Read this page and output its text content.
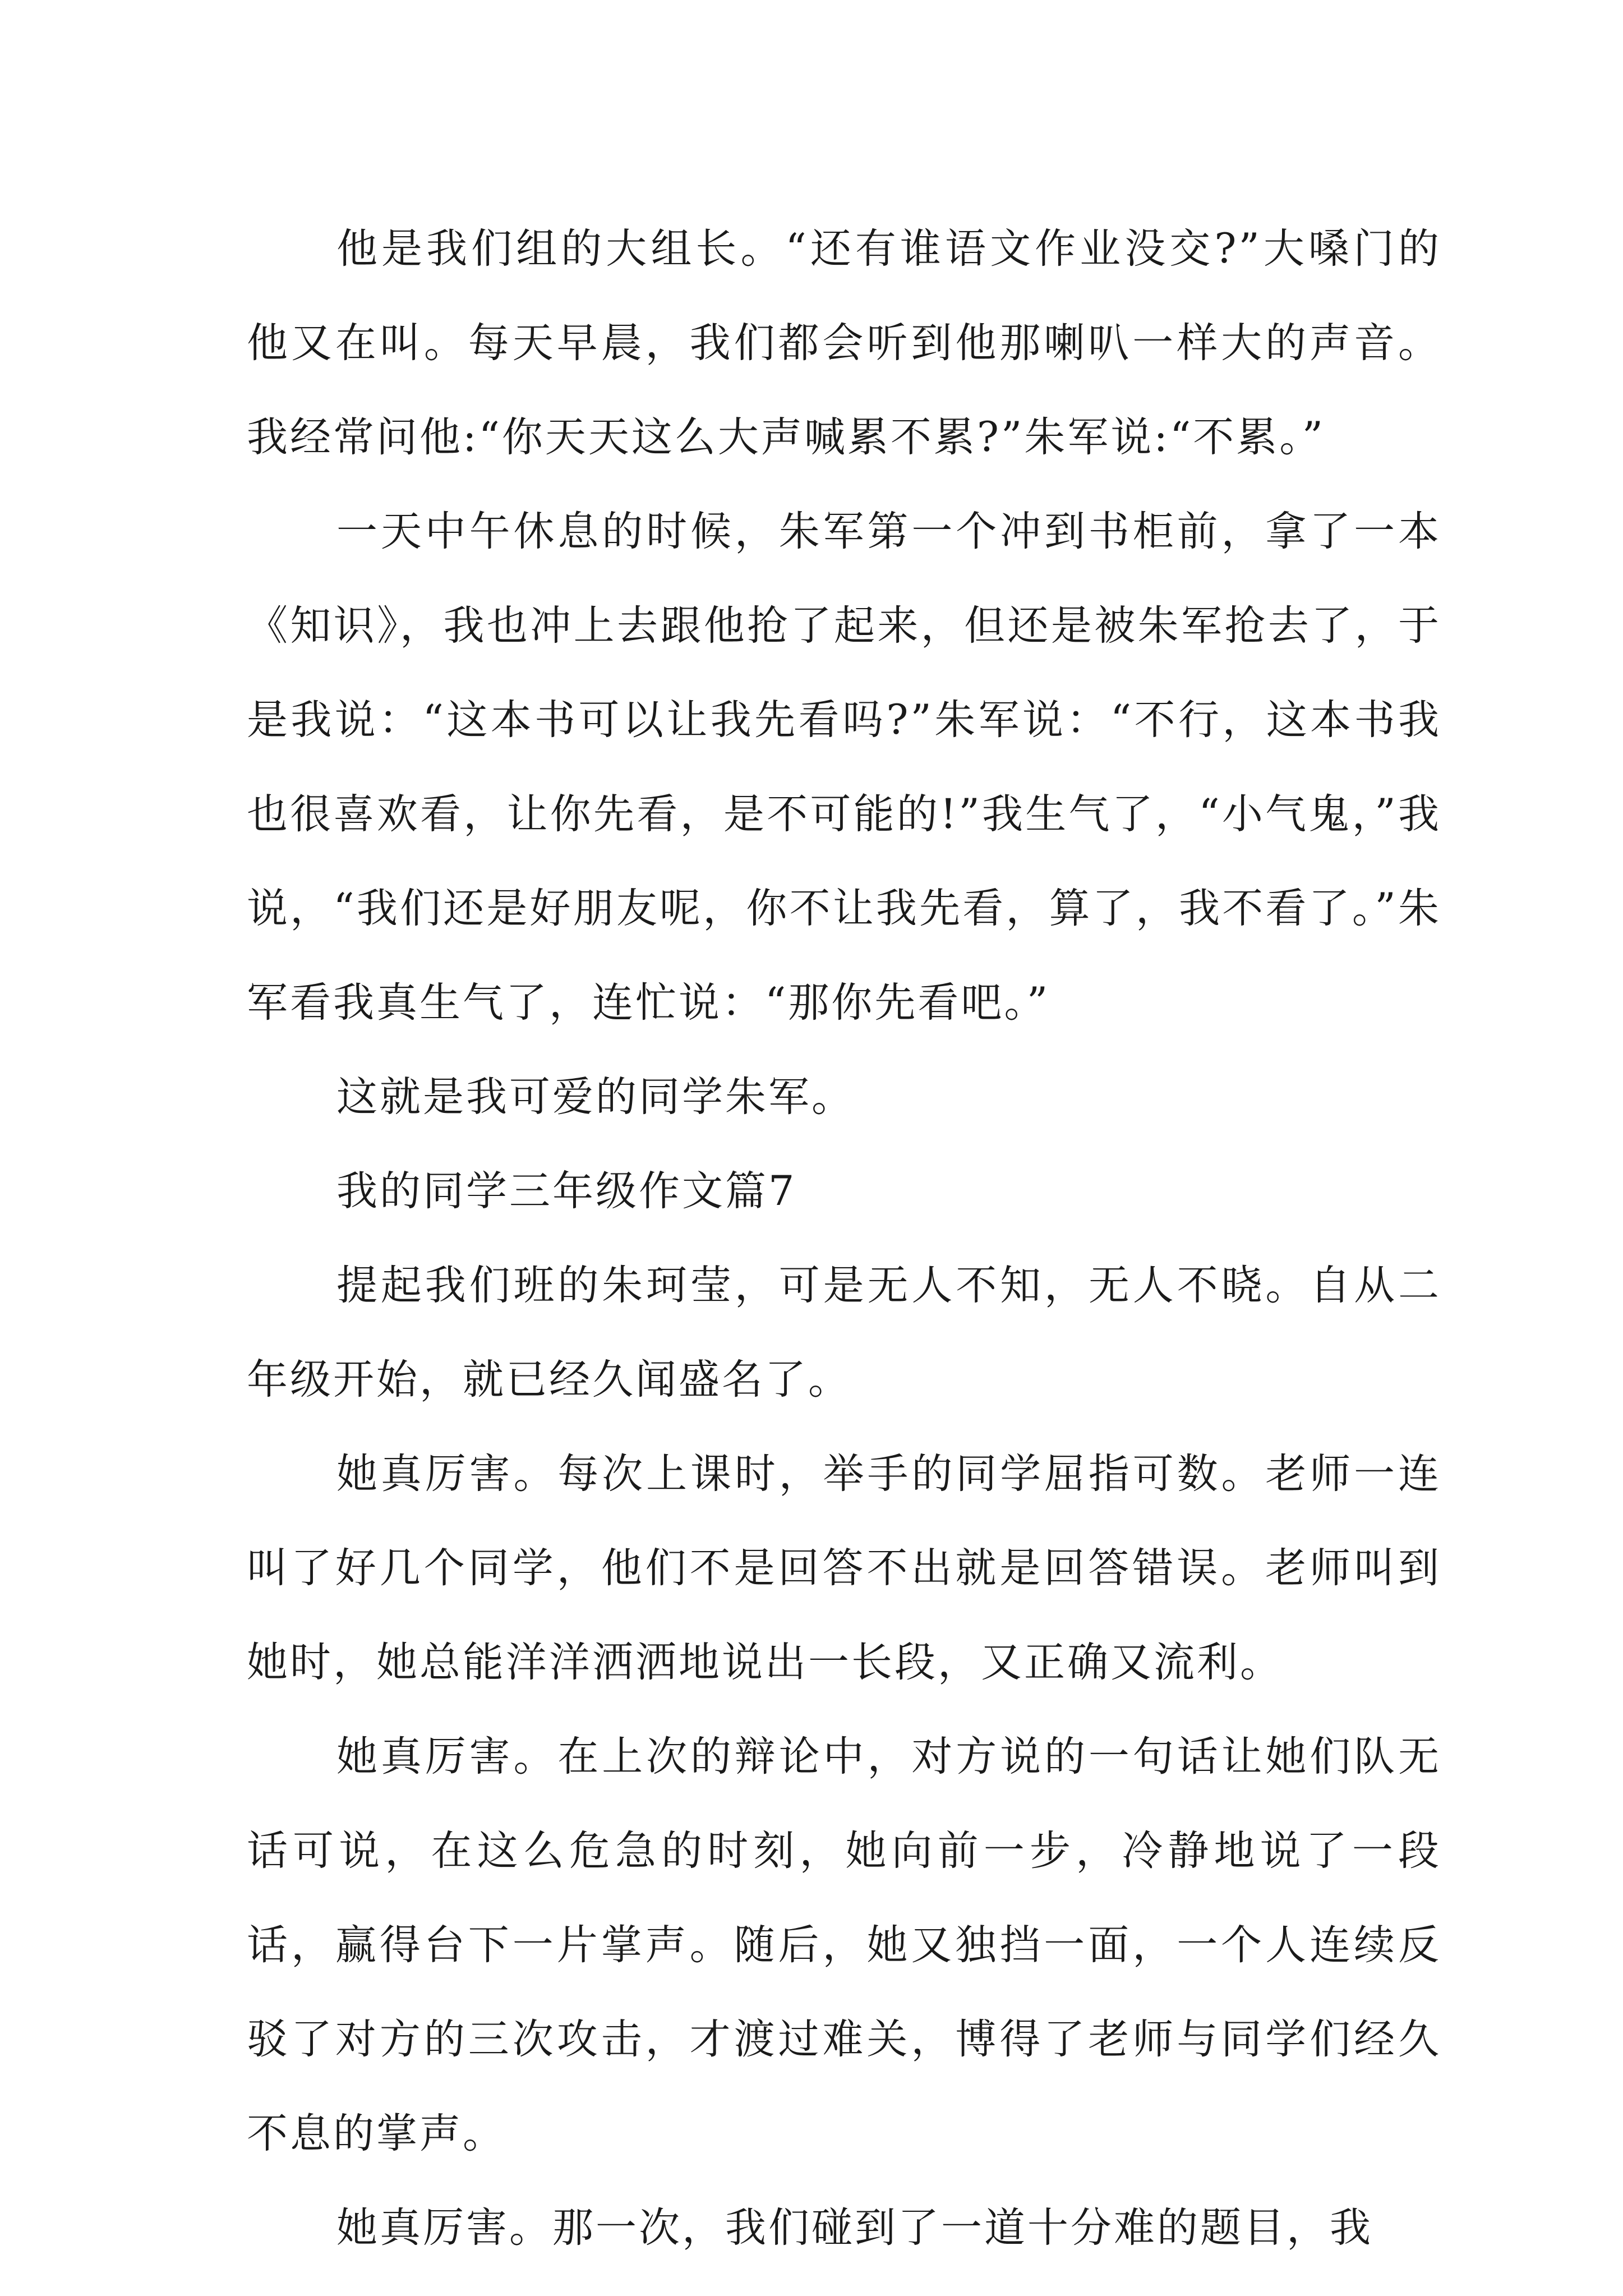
他是我们组的大组长。“还有谁语文作业没交?”大嗓门的他又在叫。每天早晨，我们都会听到他那喇叭一样大的声音。我经常问他:“你天天这么大声喊累不累?”朱军说:“不累。”

一天中午休息的时候，朱军第一个冲到书柜前，拿了一本《知识》，我也冲上去跟他抢了起来，但还是被朱军抢去了，于是我说：“这本书可以让我先看吗?”朱军说：“不行，这本书我也很喜欢看，让你先看，是不可能的!”我生气了，“小气鬼，”我说，“我们还是好朋友呢，你不让我先看，算了，我不看了。”朱军看我真生气了，连忙说：“那你先看吧。”

这就是我可爱的同学朱军。

我的同学三年级作文篇7

提起我们班的朱珂莹，可是无人不知，无人不晓。自从二年级开始，就已经久闻盛名了。

她真厉害。每次上课时，举手的同学屈指可数。老师一连叫了好几个同学，他们不是回答不出就是回答错误。老师叫到她时，她总能洋洋洒洒地说出一长段，又正确又流利。

她真厉害。在上次的辩论中，对方说的一句话让她们队无话可说，在这么危急的时刻，她向前一步，冷静地说了一段话，赢得台下一片掌声。随后，她又独挡一面，一个人连续反驳了对方的三次攻击，才渡过难关，博得了老师与同学们经久不息的掌声。

她真厉害。那一次，我们碰到了一道十分难的题目，我
